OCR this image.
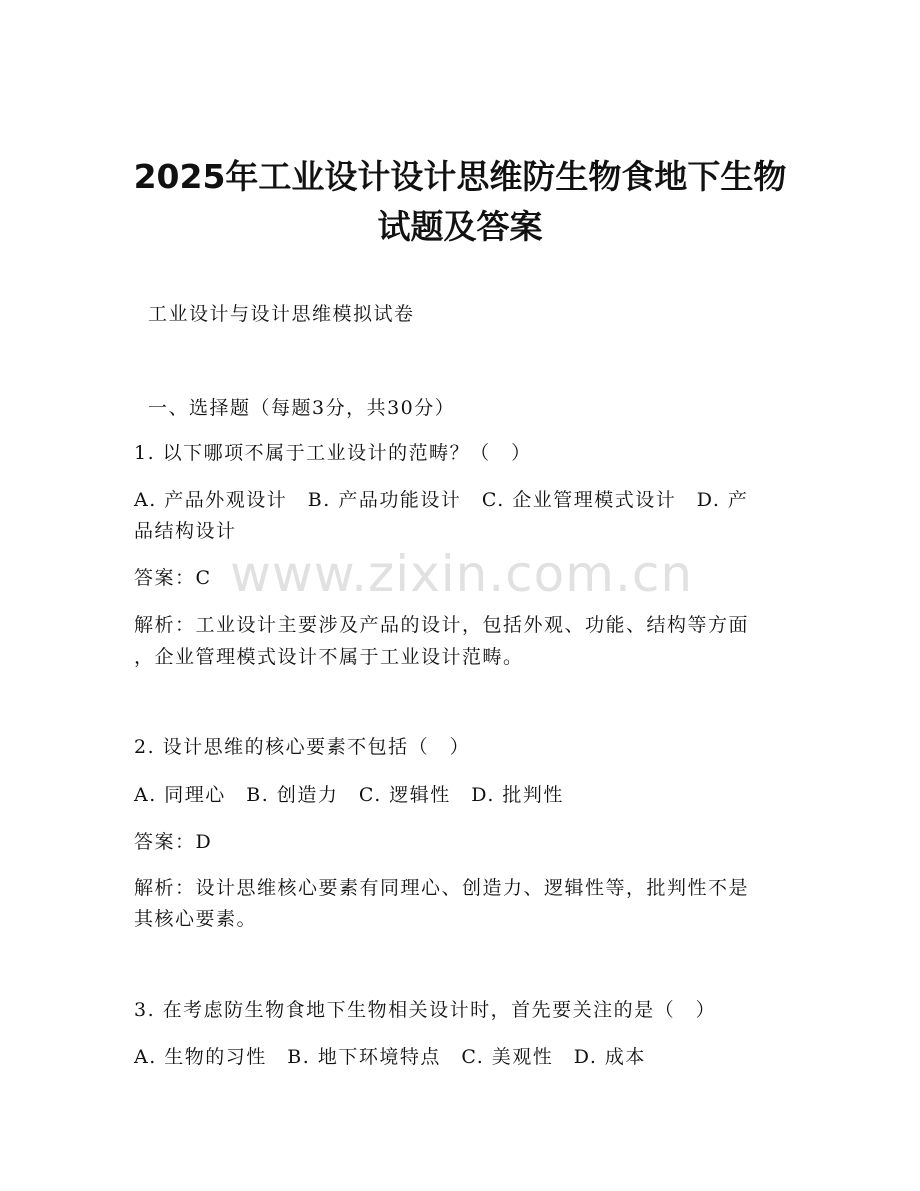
2025年工业设计设计思维防生物食地下生物
试题及答案
工业设计与设计思维模拟试卷
一、选择题（每题3分，共30分）
1. 以下哪项不属于工业设计的范畴？（　）
A. 产品外观设计　B. 产品功能设计　C. 企业管理模式设计　D. 产
品结构设计
答案：C
解析：工业设计主要涉及产品的设计，包括外观、功能、结构等方面
，企业管理模式设计不属于工业设计范畴。
2. 设计思维的核心要素不包括（　）
A. 同理心　B. 创造力　C. 逻辑性　D. 批判性
答案：D
解析：设计思维核心要素有同理心、创造力、逻辑性等，批判性不是
其核心要素。
3. 在考虑防生物食地下生物相关设计时，首先要关注的是（　）
A. 生物的习性　B. 地下环境特点　C. 美观性　D. 成本
www.zixin.com.cn
